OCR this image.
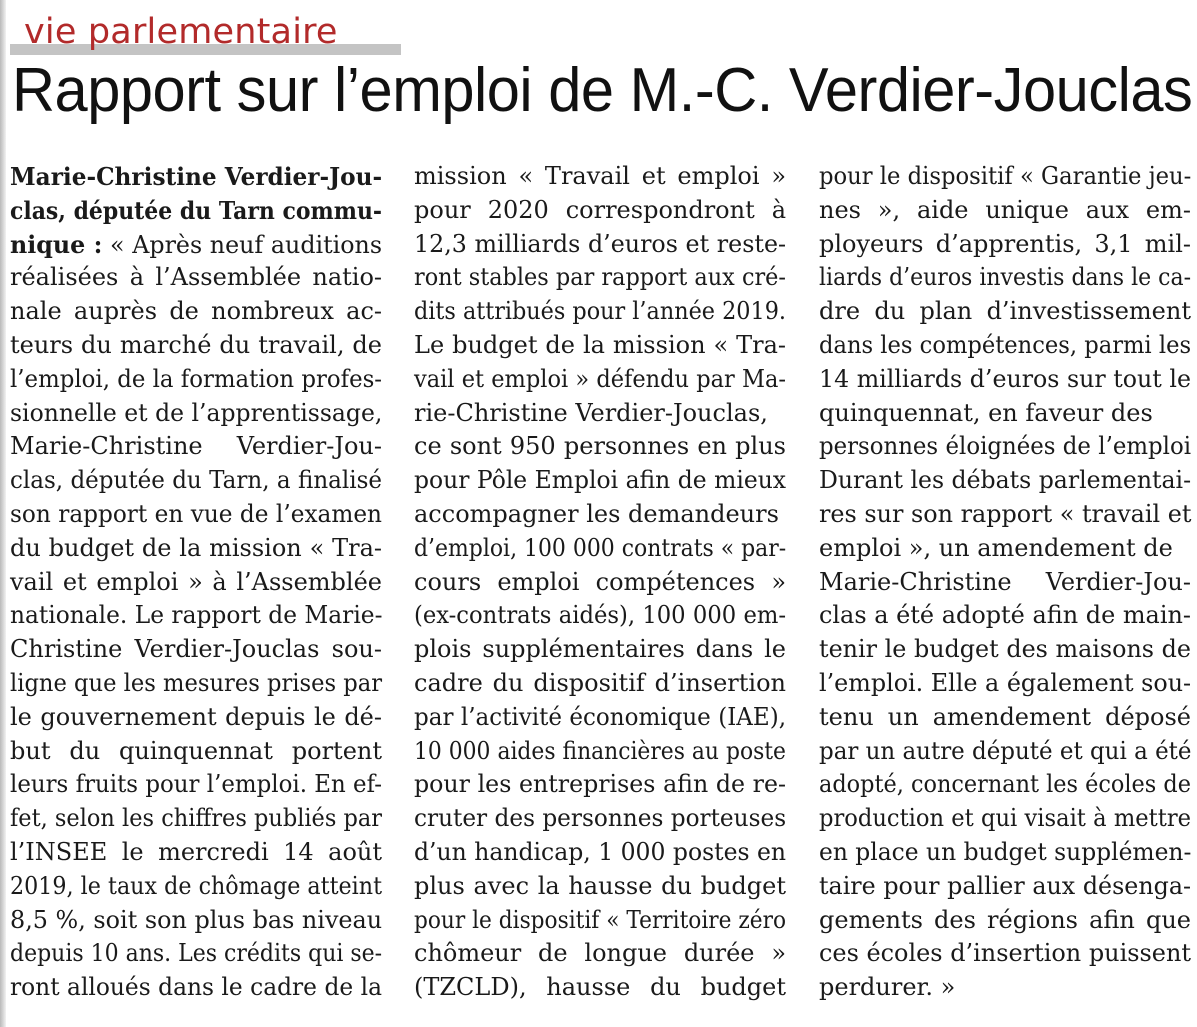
vie parlementaire
Rapport sur l’emploi de M.-C. Verdier-Jouclas
Marie-Christine Verdier-Jou-
clas, députée du Tarn commu-
nique : « Après neuf auditions
réalisées à l’Assemblée natio-
nale auprès de nombreux ac-
teurs du marché du travail, de
l’emploi, de la formation profes-
sionnelle et de l’apprentissage,
Marie-Christine Verdier-Jou-
clas, députée du Tarn, a finalisé
son rapport en vue de l’examen
du budget de la mission « Tra-
vail et emploi » à l’Assemblée
nationale. Le rapport de Marie-
Christine Verdier-Jouclas sou-
ligne que les mesures prises par
le gouvernement depuis le dé-
but du quinquennat portent
leurs fruits pour l’emploi. En ef-
fet, selon les chiffres publiés par
l’INSEE le mercredi 14 août
2019, le taux de chômage atteint
8,5 %, soit son plus bas niveau
depuis 10 ans. Les crédits qui se-
ront alloués dans le cadre de la
mission « Travail et emploi »
pour 2020 correspondront à
12,3 milliards d’euros et reste-
ront stables par rapport aux cré-
dits attribués pour l’année 2019.
Le budget de la mission « Tra-
vail et emploi » défendu par Ma-
rie-Christine Verdier-Jouclas,
ce sont 950 personnes en plus
pour Pôle Emploi afin de mieux
accompagner les demandeurs
d’emploi, 100 000 contrats « par-
cours emploi compétences »
(ex-contrats aidés), 100 000 em-
plois supplémentaires dans le
cadre du dispositif d’insertion
par l’activité économique (IAE),
10 000 aides financières au poste
pour les entreprises afin de re-
cruter des personnes porteuses
d’un handicap, 1 000 postes en
plus avec la hausse du budget
pour le dispositif « Territoire zéro
chômeur de longue durée »
(TZCLD), hausse du budget
pour le dispositif « Garantie jeu-
nes », aide unique aux em-
ployeurs d’apprentis, 3,1 mil-
liards d’euros investis dans le ca-
dre du plan d’investissement
dans les compétences, parmi les
14 milliards d’euros sur tout le
quinquennat, en faveur des
personnes éloignées de l’emploi
Durant les débats parlementai-
res sur son rapport « travail et
emploi », un amendement de
Marie-Christine Verdier-Jou-
clas a été adopté afin de main-
tenir le budget des maisons de
l’emploi. Elle a également sou-
tenu un amendement déposé
par un autre député et qui a été
adopté, concernant les écoles de
production et qui visait à mettre
en place un budget supplémen-
taire pour pallier aux désenga-
gements des régions afin que
ces écoles d’insertion puissent
perdurer. »
